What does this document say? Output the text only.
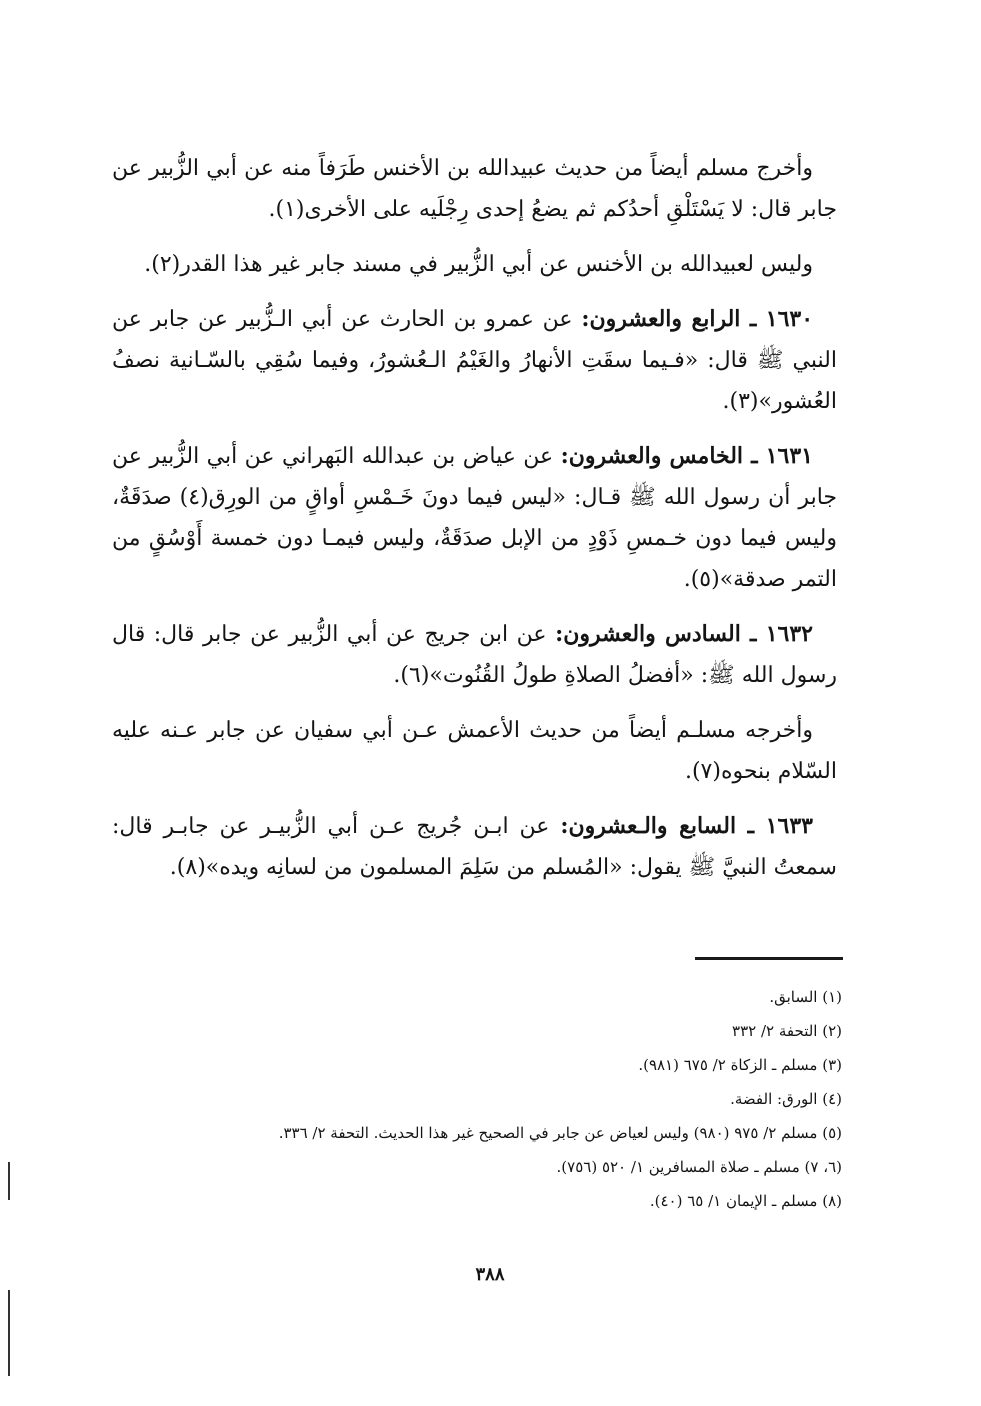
وأخرج مسلم أيضاً من حديث عبيدالله بن الأخنس طَرَفاً منه عن أبي الزُّبير عن جابر قال: لا يَسْتَلْقِ أحدُكم ثم يضعُ إحدى رِجْلَيه على الأخرى(١).

وليس لعبيدالله بن الأخنس عن أبي الزُّبير في مسند جابر غير هذا القدر(٢).

١٦٣٠ ـ الرابع والعشرون: عن عمرو بن الحارث عن أبي الـزُّبير عن جابر عن النبي ﷺ قال: «فـيما سقَتِ الأنهارُ والغَيْمُ الـعُشورُ، وفيما سُقِي بالسّـانية نصفُ العُشور»(٣).

١٦٣١ ـ الخامس والعشرون: عن عياض بن عبدالله البَهراني عن أبي الزُّبير عن جابر أن رسول الله ﷺ قـال: «ليس فيما دونَ خَـمْسِ أواقٍ من الورِق(٤) صدَقَةٌ، وليس فيما دون خـمسِ ذَوْدٍ من الإبل صدَقَةٌ، وليس فيمـا دون خمسة أَوْسُقٍ من التمر صدقة»(٥).

١٦٣٢ ـ السادس والعشرون: عن ابن جريج عن أبي الزُّبير عن جابر قال: قال رسول الله ﷺ: «أفضلُ الصلاةِ طولُ القُنُوت»(٦).

وأخرجه مسلـم أيضاً من حديث الأعمش عـن أبي سفيان عن جابر عـنه عليه السّلام بنحوه(٧).

١٦٣٣ ـ السابع والـعشرون: عن ابـن جُريج عـن أبي الزُّبيـر عن جابـر قال: سمعتُ النبيَّ ﷺ يقول: «المُسلم من سَلِمَ المسلمون من لسانِه ويده»(٨).

(١) السابق.

(٢) التحفة ٢/ ٣٣٢

(٣) مسلم ـ الزكاة ٢/ ٦٧٥ (٩٨١).

(٤) الورق: الفضة.

(٥) مسلم ٢/ ٩٧٥ (٩٨٠) وليس لعياض عن جابر في الصحيح غير هذا الحديث. التحفة ٢/ ٣٣٦.

(٦، ٧) مسلم ـ صلاة المسافرين ١/ ٥٢٠ (٧٥٦).

(٨) مسلم ـ الإيمان ١/ ٦٥ (٤٠).

٣٨٨
